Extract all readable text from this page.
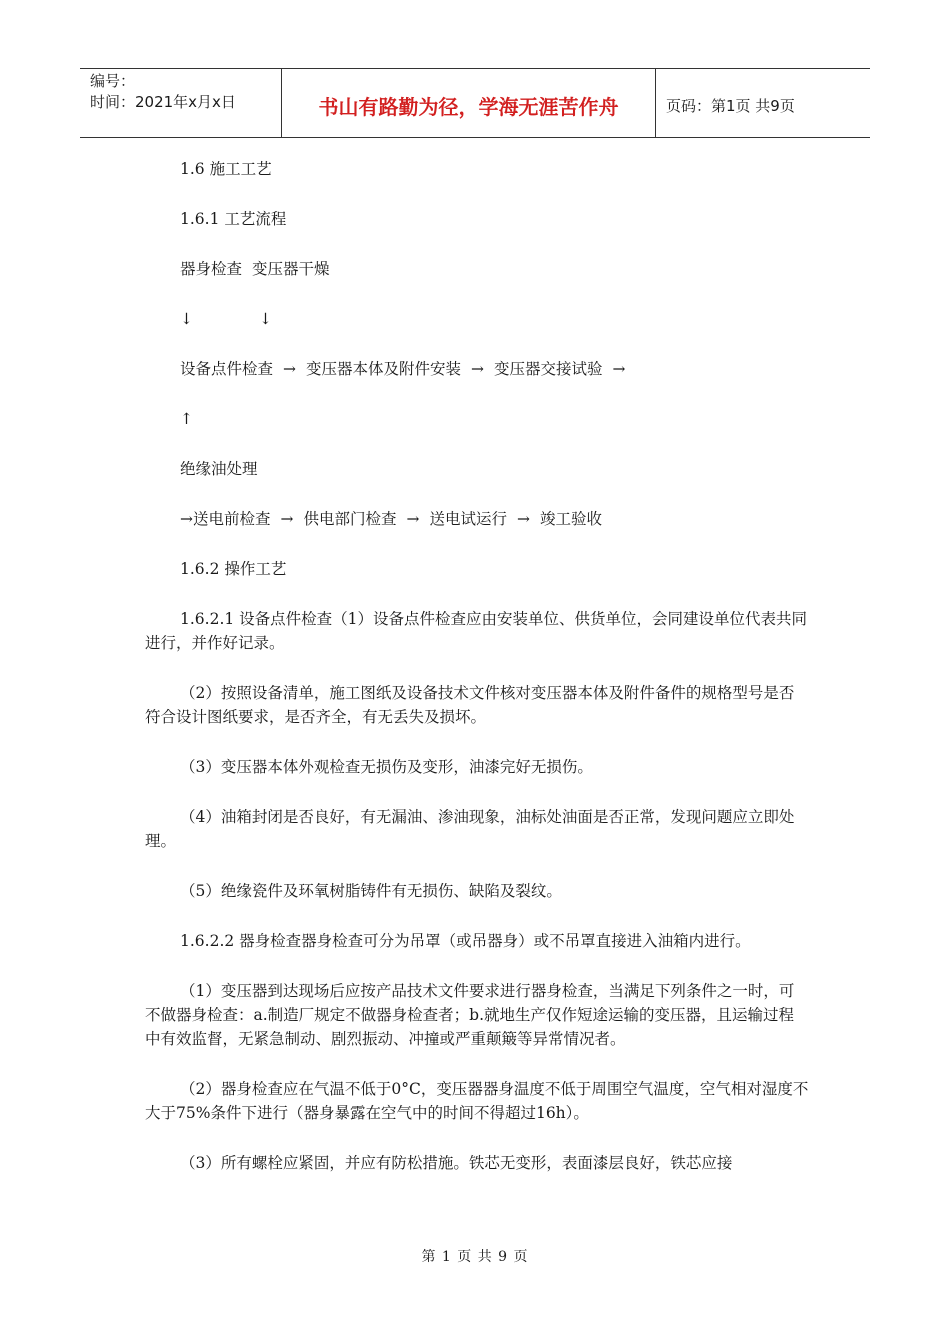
编号：
时间：2021年x月x日	书山有路勤为径，学海无涯苦作舟	页码：第1页 共9页

1.6 施工工艺

1.6.1 工艺流程

器身检查 变压器干燥
↓	↓
设备点件检查 → 变压器本体及附件安装 → 变压器交接试验 →
↑

绝缘油处理

→送电前检查 → 供电部门检查 → 送电试运行 → 竣工验收

1.6.2 操作工艺

1.6.2.1 设备点件检查（1）设备点件检查应由安装单位、供货单位，会同建设单位代表共同进行，并作好记录。

（2）按照设备清单，施工图纸及设备技术文件核对变压器本体及附件备件的规格型号是否符合设计图纸要求，是否齐全，有无丢失及损坏。

（3）变压器本体外观检查无损伤及变形，油漆完好无损伤。

（4）油箱封闭是否良好，有无漏油、渗油现象，油标处油面是否正常，发现问题应立即处理。

（5）绝缘瓷件及环氧树脂铸件有无损伤、缺陷及裂纹。

1.6.2.2 器身检查器身检查可分为吊罩（或吊器身）或不吊罩直接进入油箱内进行。

（1）变压器到达现场后应按产品技术文件要求进行器身检查，当满足下列条件之一时，可不做器身检查：a.制造厂规定不做器身检查者；b.就地生产仅作短途运输的变压器，且运输过程中有效监督，无紧急制动、剧烈振动、冲撞或严重颠簸等异常情况者。

（2）器身检查应在气温不低于0°C，变压器器身温度不低于周围空气温度，空气相对湿度不大于75%条件下进行（器身暴露在空气中的时间不得超过16h）。

（3）所有螺栓应紧固，并应有防松措施。铁芯无变形，表面漆层良好，铁芯应接

第 1 页 共 9 页
